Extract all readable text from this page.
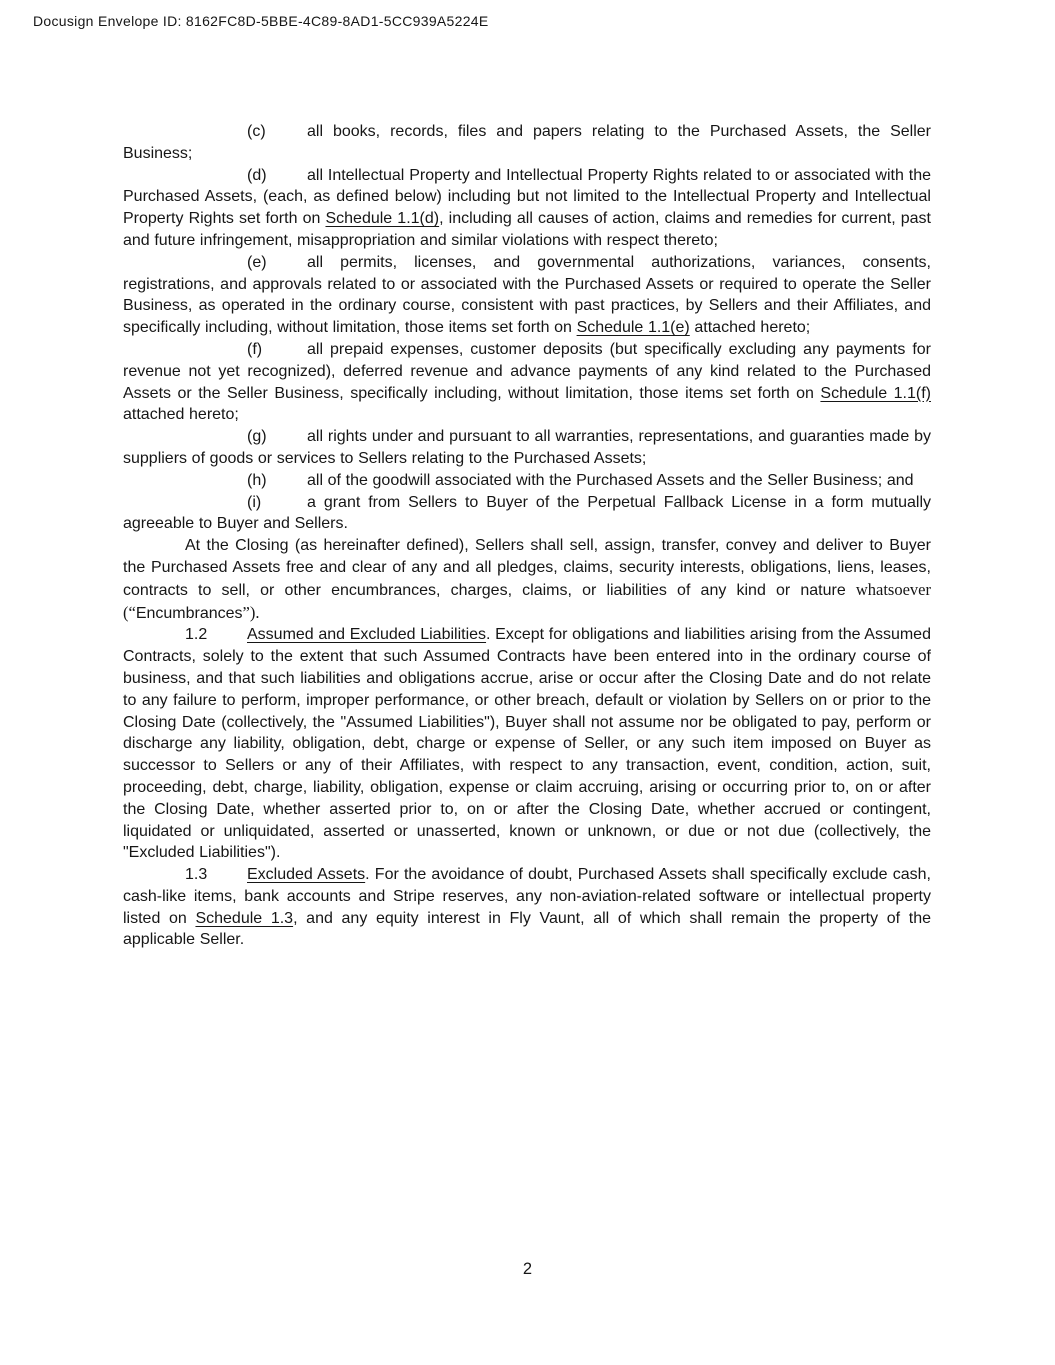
Docusign Envelope ID: 8162FC8D-5BBE-4C89-8AD1-5CC939A5224E

(c)	all books, records, files and papers relating to the Purchased Assets, the Seller Business;

(d)	all Intellectual Property and Intellectual Property Rights related to or associated with the Purchased Assets, (each, as defined below) including but not limited to the Intellectual Property and Intellectual Property Rights set forth on Schedule 1.1(d), including all causes of action, claims and remedies for current, past and future infringement, misappropriation and similar violations with respect thereto;

(e)	all permits, licenses, and governmental authorizations, variances, consents, registrations, and approvals related to or associated with the Purchased Assets or required to operate the Seller Business, as operated in the ordinary course, consistent with past practices, by Sellers and their Affiliates, and specifically including, without limitation, those items set forth on Schedule 1.1(e) attached hereto;

(f)	all prepaid expenses, customer deposits (but specifically excluding any payments for revenue not yet recognized), deferred revenue and advance payments of any kind related to the Purchased Assets or the Seller Business, specifically including, without limitation, those items set forth on Schedule 1.1(f) attached hereto;

(g)	all rights under and pursuant to all warranties, representations, and guaranties made by suppliers of goods or services to Sellers relating to the Purchased Assets;

(h)	all of the goodwill associated with the Purchased Assets and the Seller Business; and

(i)	a grant from Sellers to Buyer of the Perpetual Fallback License in a form mutually agreeable to Buyer and Sellers.

At the Closing (as hereinafter defined), Sellers shall sell, assign, transfer, convey and deliver to Buyer the Purchased Assets free and clear of any and all pledges, claims, security interests, obligations, liens, leases, contracts to sell, or other encumbrances, charges, claims, or liabilities of any kind or nature whatsoever (“Encumbrances”).

1.2 Assumed and Excluded Liabilities. Except for obligations and liabilities arising from the Assumed Contracts, solely to the extent that such Assumed Contracts have been entered into in the ordinary course of business, and that such liabilities and obligations accrue, arise or occur after the Closing Date and do not relate to any failure to perform, improper performance, or other breach, default or violation by Sellers on or prior to the Closing Date (collectively, the "Assumed Liabilities"), Buyer shall not assume nor be obligated to pay, perform or discharge any liability, obligation, debt, charge or expense of Seller, or any such item imposed on Buyer as successor to Sellers or any of their Affiliates, with respect to any transaction, event, condition, action, suit, proceeding, debt, charge, liability, obligation, expense or claim accruing, arising or occurring prior to, on or after the Closing Date, whether asserted prior to, on or after the Closing Date, whether accrued or contingent, liquidated or unliquidated, asserted or unasserted, known or unknown, or due or not due (collectively, the "Excluded Liabilities").

1.3 Excluded Assets. For the avoidance of doubt, Purchased Assets shall specifically exclude cash, cash-like items, bank accounts and Stripe reserves, any non-aviation-related software or intellectual property listed on Schedule 1.3, and any equity interest in Fly Vaunt, all of which shall remain the property of the applicable Seller.

2
